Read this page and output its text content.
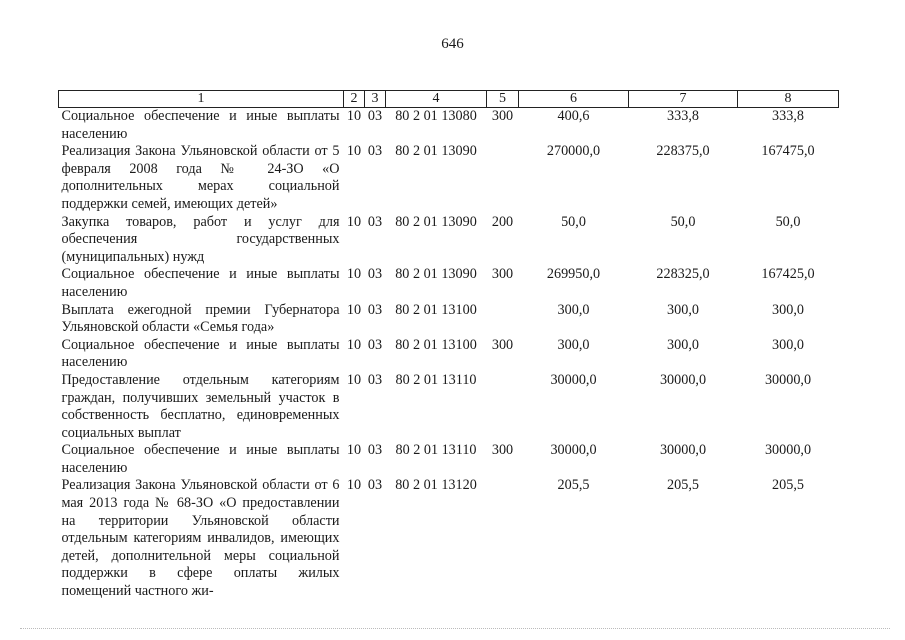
646
1	2	3	4	5	6	7	8
Социальное обеспечение и иные выплаты населению	10	03	80 2 01 13080	300	400,6	333,8	333,8
Реализация Закона Ульяновской области от 5 февраля 2008 года № 24-ЗО «О дополнительных мерах социальной поддержки семей, имеющих детей»	10	03	80 2 01 13090		270000,0	228375,0	167475,0
Закупка товаров, работ и услуг для обеспечения государственных (муниципальных) нужд	10	03	80 2 01 13090	200	50,0	50,0	50,0
Социальное обеспечение и иные выплаты населению	10	03	80 2 01 13090	300	269950,0	228325,0	167425,0
Выплата ежегодной премии Губернатора Ульяновской области «Семья года»	10	03	80 2 01 13100		300,0	300,0	300,0
Социальное обеспечение и иные выплаты населению	10	03	80 2 01 13100	300	300,0	300,0	300,0
Предоставление отдельным категориям граждан, получивших земельный участок в собственность бесплатно, единовременных социальных выплат	10	03	80 2 01 13110		30000,0	30000,0	30000,0
Социальное обеспечение и иные выплаты населению	10	03	80 2 01 13110	300	30000,0	30000,0	30000,0
Реализация Закона Ульяновской области от 6 мая 2013 года № 68-ЗО «О предоставлении на территории Ульяновской области отдельным категориям инвалидов, имеющих детей, дополнительной меры социальной поддержки в сфере оплаты жилых помещений частного жи-	10	03	80 2 01 13120		205,5	205,5	205,5
